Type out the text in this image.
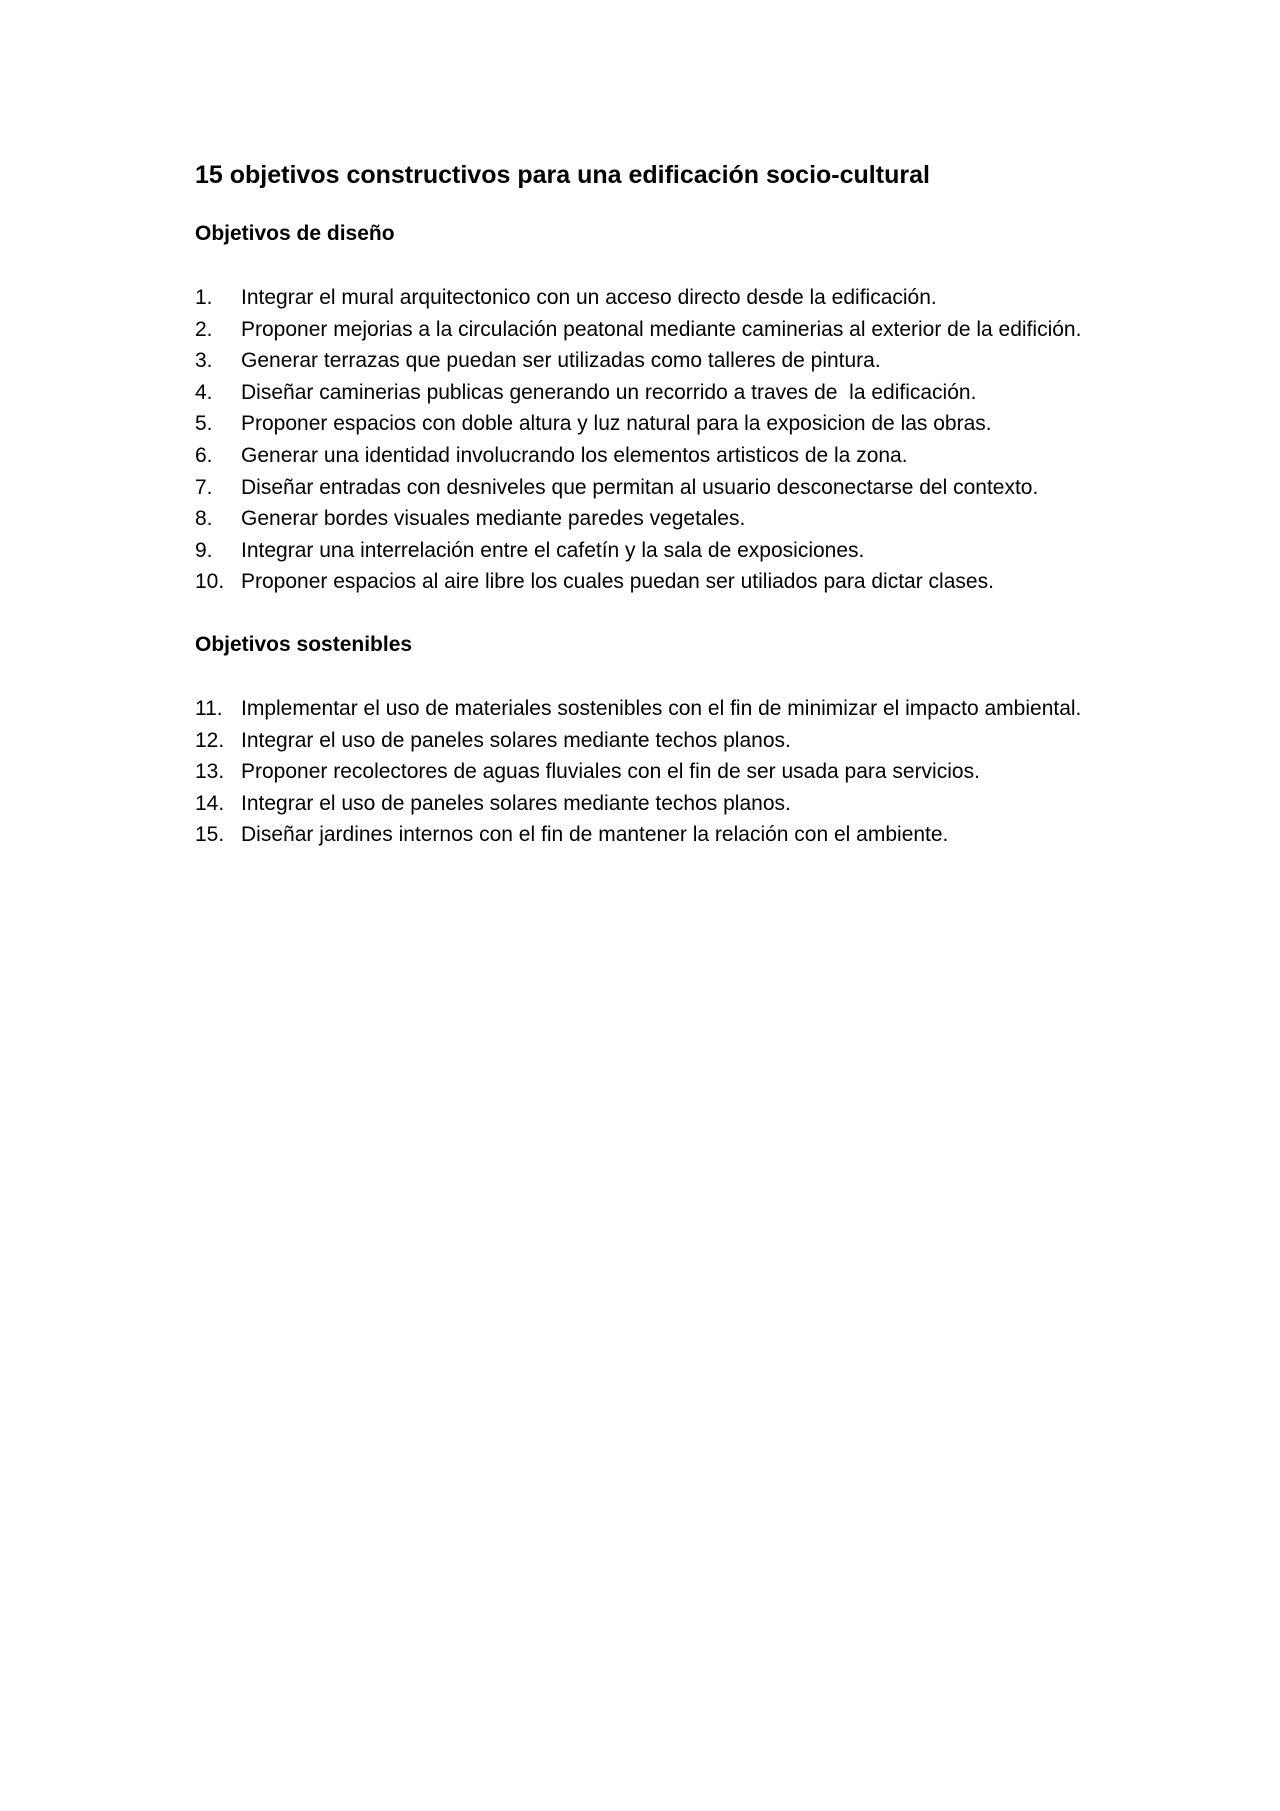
15 objetivos constructivos para una edificación socio-cultural
Objetivos de diseño
1.	Integrar el mural arquitectonico con un acceso directo desde la edificación.
2.	Proponer mejorias a la circulación peatonal mediante caminerias al exterior de la edifición.
3.	Generar terrazas que puedan ser utilizadas como talleres de pintura.
4.	Diseñar caminerias publicas generando un recorrido a traves de  la edificación.
5.	Proponer espacios con doble altura y luz natural para la exposicion de las obras.
6.	Generar una identidad involucrando los elementos artisticos de la zona.
7.	Diseñar entradas con desniveles que permitan al usuario desconectarse del contexto.
8.	Generar bordes visuales mediante paredes vegetales.
9.	Integrar una interrelación entre el cafetín y la sala de exposiciones.
10. Proponer espacios al aire libre los cuales puedan ser utiliados para dictar clases.
Objetivos sostenibles
11. Implementar el uso de materiales sostenibles con el fin de minimizar el impacto ambiental.
12. Integrar el uso de paneles solares mediante techos planos.
13. Proponer recolectores de aguas fluviales con el fin de ser usada para servicios.
14. Integrar el uso de paneles solares mediante techos planos.
15. Diseñar jardines internos con el fin de mantener la relación con el ambiente.
